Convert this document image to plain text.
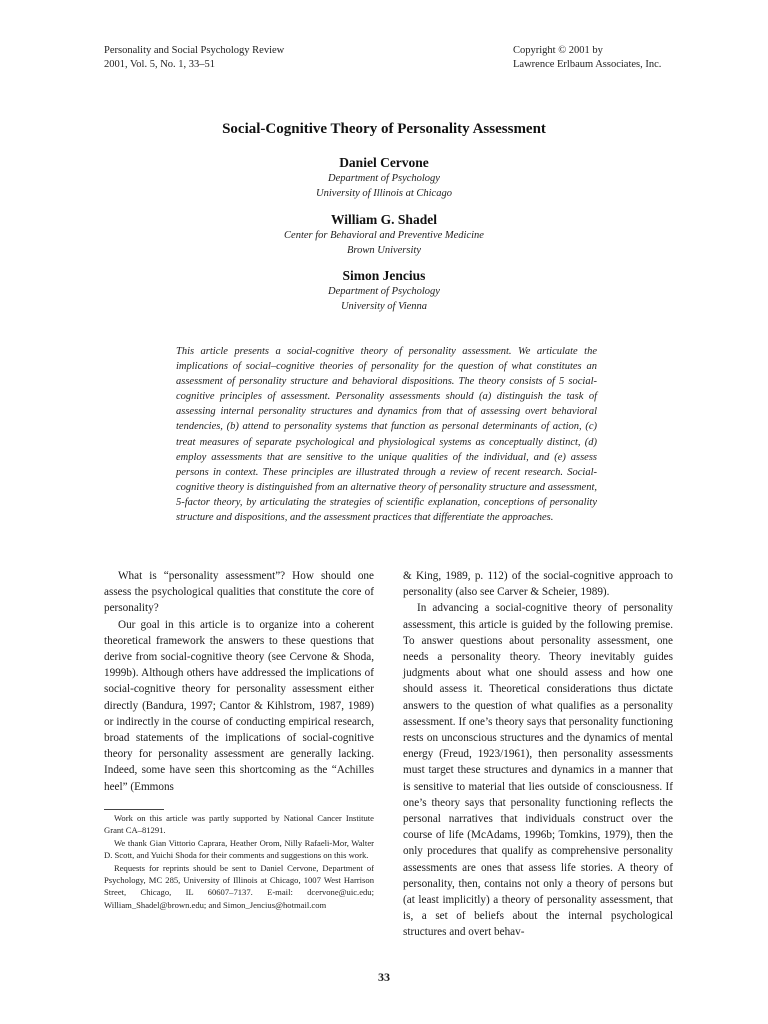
Personality and Social Psychology Review
2001, Vol. 5, No. 1, 33–51
Copyright © 2001 by
Lawrence Erlbaum Associates, Inc.
Social-Cognitive Theory of Personality Assessment
Daniel Cervone
Department of Psychology
University of Illinois at Chicago
William G. Shadel
Center for Behavioral and Preventive Medicine
Brown University
Simon Jencius
Department of Psychology
University of Vienna

This article presents a social-cognitive theory of personality assessment. We articulate the implications of social–cognitive theories of personality for the question of what constitutes an assessment of personality structure and behavioral dispositions. The theory consists of 5 social-cognitive principles of assessment. Personality assessments should (a) distinguish the task of assessing internal personality structures and dynamics from that of assessing overt behavioral tendencies, (b) attend to personality systems that function as personal determinants of action, (c) treat measures of separate psychological and physiological systems as conceptually distinct, (d) employ assessments that are sensitive to the unique qualities of the individual, and (e) assess persons in context. These principles are illustrated through a review of recent research. Social-cognitive theory is distinguished from an alternative theory of personality structure and assessment, 5-factor theory, by articulating the strategies of scientific explanation, conceptions of personality structure and dispositions, and the assessment practices that differentiate the approaches.

What is “personality assessment”? How should one assess the psychological qualities that constitute the core of personality?

Our goal in this article is to organize into a coherent theoretical framework the answers to these questions that derive from social-cognitive theory (see Cervone & Shoda, 1999b). Although others have addressed the implications of social-cognitive theory for personality assessment either directly (Bandura, 1997; Cantor & Kihlstrom, 1987, 1989) or indirectly in the course of conducting empirical research, broad statements of the implications of social-cognitive theory for personality assessment are generally lacking. Indeed, some have seen this shortcoming as the “Achilles heel” (Emmons

& King, 1989, p. 112) of the social-cognitive approach to personality (also see Carver & Scheier, 1989).

In advancing a social-cognitive theory of personality assessment, this article is guided by the following premise. To answer questions about personality assessment, one needs a personality theory. Theory inevitably guides judgments about what one should assess and how one should assess it. Theoretical considerations thus dictate answers to the question of what qualifies as a personality assessment. If one’s theory says that personality functioning rests on unconscious structures and the dynamics of mental energy (Freud, 1923/1961), then personality assessments must target these structures and dynamics in a manner that is sensitive to material that lies outside of consciousness. If one’s theory says that personality functioning reflects the personal narratives that individuals construct over the course of life (McAdams, 1996b; Tomkins, 1979), then the only procedures that qualify as comprehensive personality assessments are ones that assess life stories. A theory of personality, then, contains not only a theory of persons but (at least implicitly) a theory of personality assessment, that is, a set of beliefs about the internal psychological structures and overt behav-

Work on this article was partly supported by National Cancer Institute Grant CA–81291.

We thank Gian Vittorio Caprara, Heather Orom, Nilly Rafaeli-Mor, Walter D. Scott, and Yuichi Shoda for their comments and suggestions on this work.

Requests for reprints should be sent to Daniel Cervone, Department of Psychology, MC 285, University of Illinois at Chicago, 1007 West Harrison Street, Chicago, IL 60607–7137. E-mail: dcervone@uic.edu; William_Shadel@brown.edu; and Simon_Jencius@hotmail.com

33
